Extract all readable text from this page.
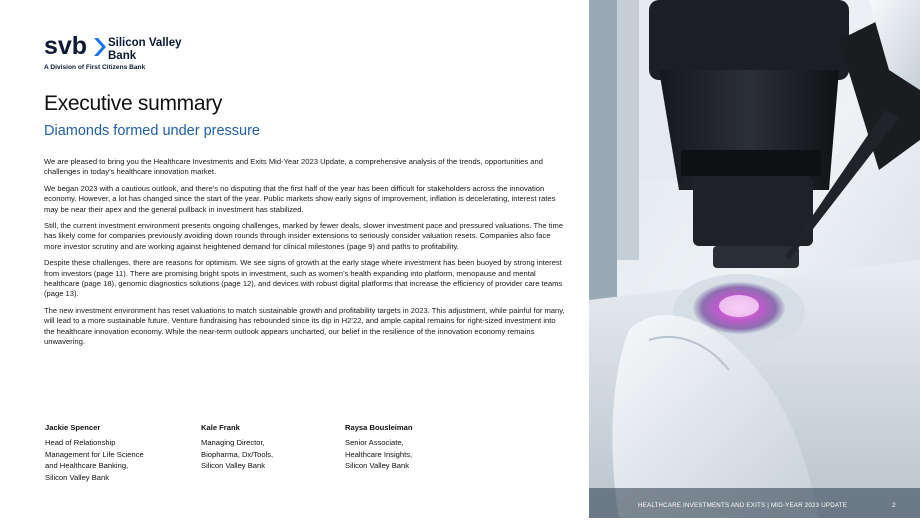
svb Silicon Valley
Bank
A Division of First Citizens Bank
Executive summary
Diamonds formed under pressure

We are pleased to bring you the Healthcare Investments and Exits Mid-Year 2023 Update, a comprehensive analysis of the trends, opportunities and challenges in today’s healthcare innovation market.

We began 2023 with a cautious outlook, and there’s no disputing that the first half of the year has been difficult for stakeholders across the innovation economy. However, a lot has changed since the start of the year. Public markets show early signs of improvement, inflation is decelerating, interest rates may be near their apex and the general pullback in investment has stabilized.

Still, the current investment environment presents ongoing challenges, marked by fewer deals, slower investment pace and pressured valuations. The time has likely come for companies previously avoiding down rounds through insider extensions to seriously consider valuation resets. Companies also face more investor scrutiny and are working against heightened demand for clinical milestones (page 9) and paths to profitability.

Despite these challenges, there are reasons for optimism. We see signs of growth at the early stage where investment has been buoyed by strong interest from investors (page 11). There are promising bright spots in investment, such as women’s health expanding into platform, menopause and mental healthcare (page 18), genomic diagnostics solutions (page 12), and devices with robust digital platforms that increase the efficiency of provider care teams (page 13).

The new investment environment has reset valuations to match sustainable growth and profitability targets in 2023. This adjustment, while painful for many, will lead to a more sustainable future. Venture fundraising has rebounded since its dip in H2’22, and ample capital remains for right-sized investment into the healthcare innovation economy. While the near-term outlook appears uncharted, our belief in the resilience of the innovation economy remains unwavering.

Jackie Spencer
Head of Relationship
Management for Life Science
and Healthcare Banking,
Silicon Valley Bank
Kale Frank
Managing Director,
Biopharma, Dx/Tools,
Silicon Valley Bank
Raysa Bousleiman
Senior Associate,
Healthcare Insights,
Silicon Valley Bank
HEALTHCARE INVESTMENTS AND EXITS | MID-YEAR 2023 UPDATE	2
